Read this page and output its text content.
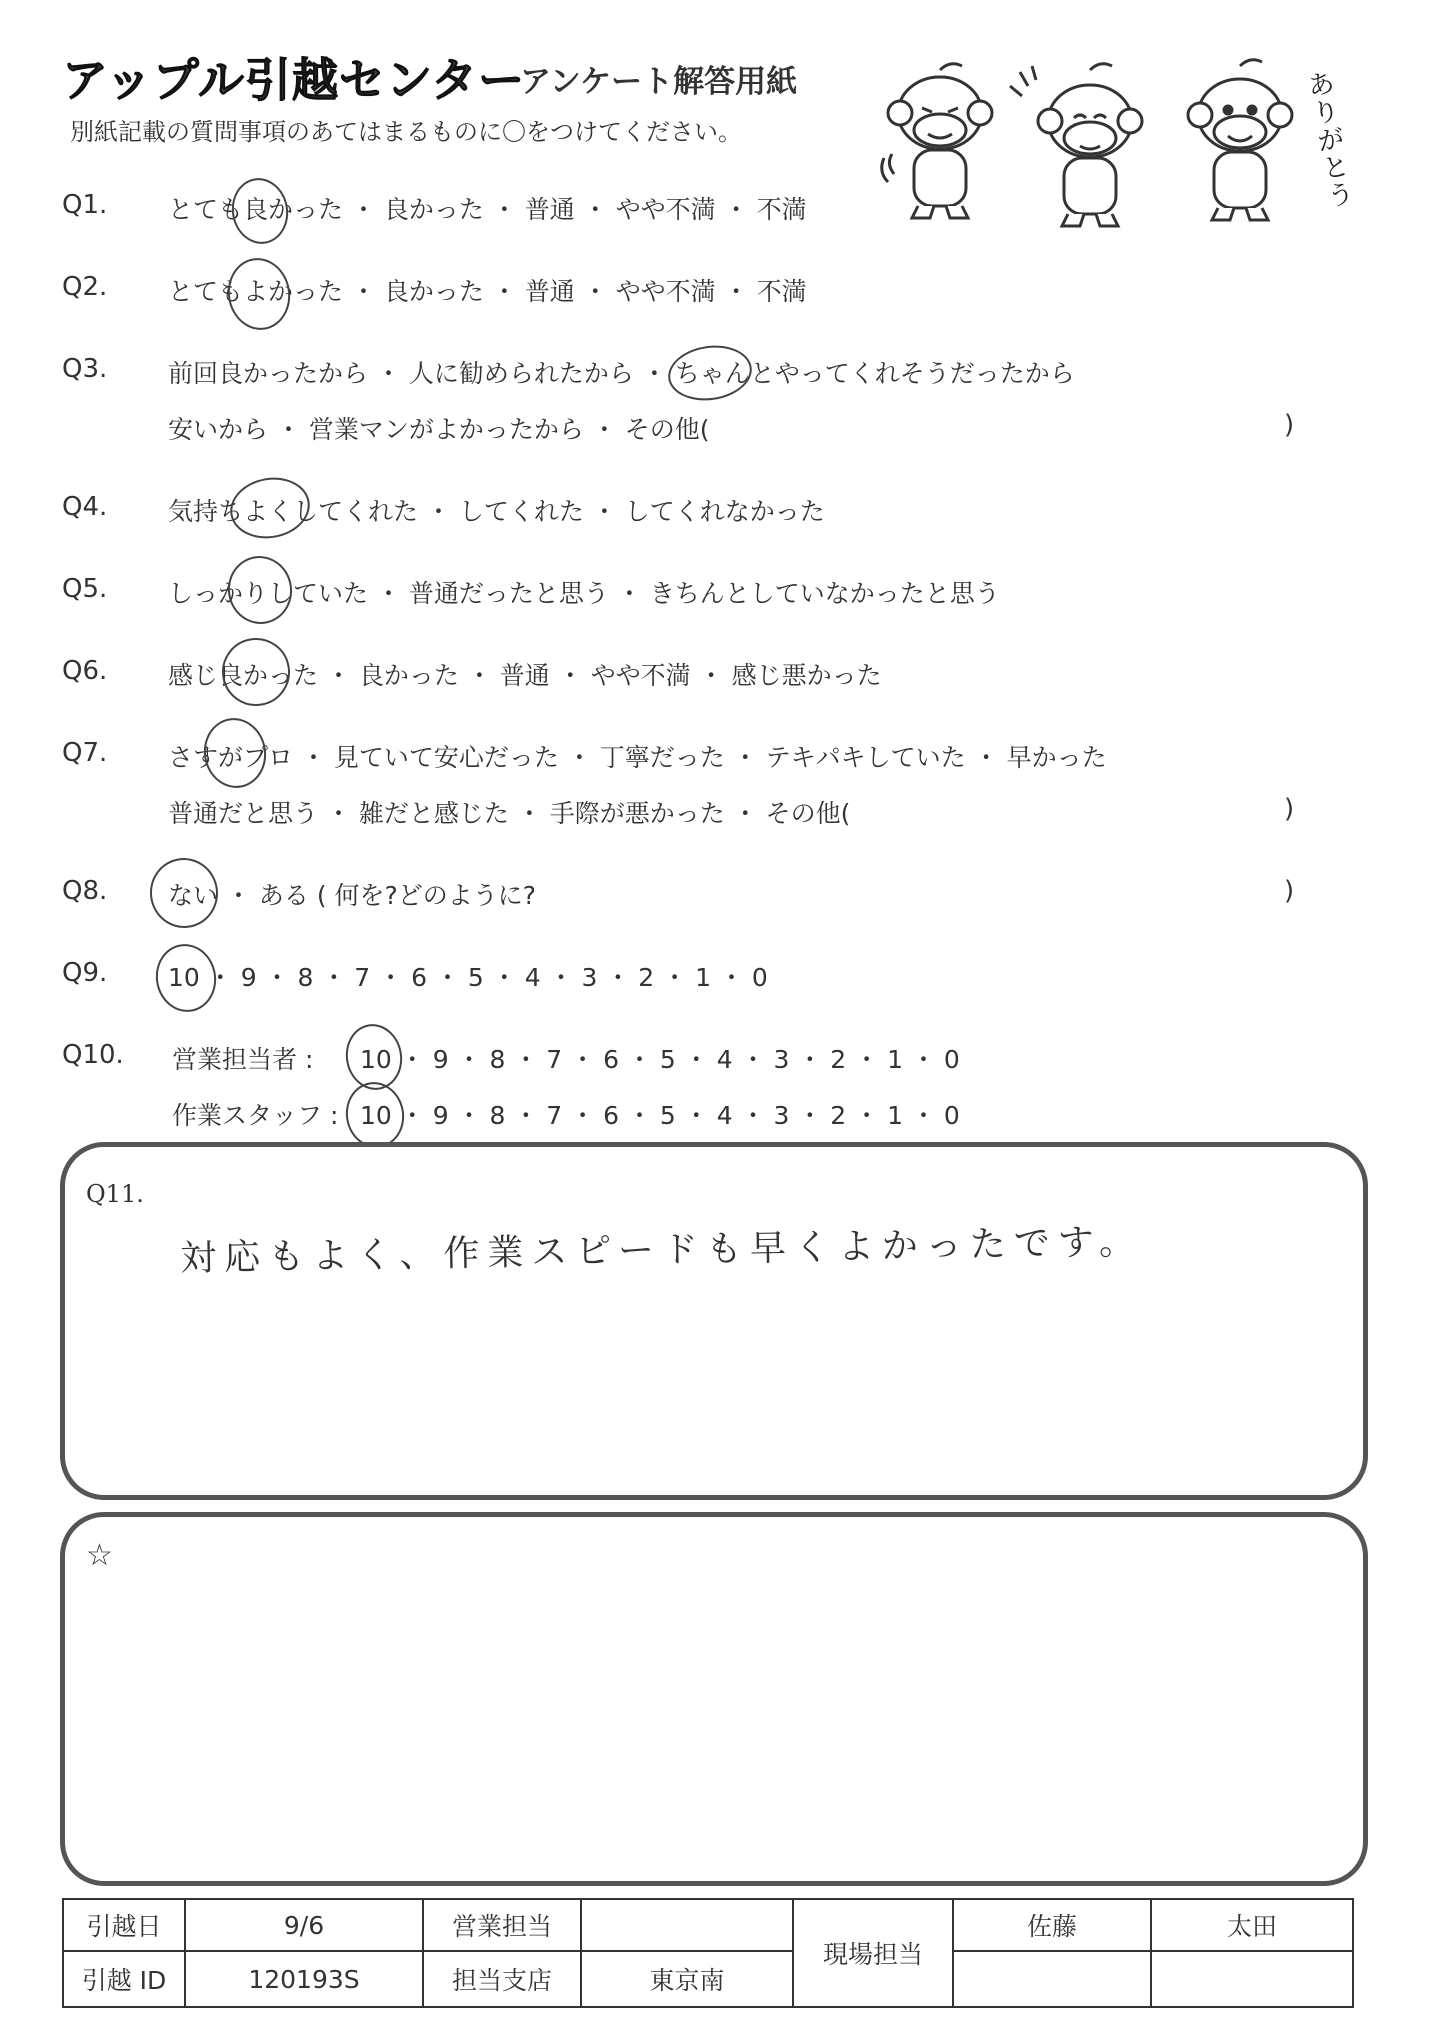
アップル引越センター
アンケート解答用紙
別紙記載の質問事項のあてはまるものに〇をつけてください。
ありがとう
Q1. とても良かった ・ 良かった ・ 普通 ・ やや不満 ・ 不満
Q2. とてもよかった ・ 良かった ・ 普通 ・ やや不満 ・ 不満
Q3. 前回良かったから ・ 人に勧められたから ・ ちゃんとやってくれそうだったから
安いから ・ 営業マンがよかったから ・ その他(	)
Q4. 気持ちよくしてくれた ・ してくれた ・ してくれなかった
Q5. しっかりしていた ・ 普通だったと思う ・ きちんとしていなかったと思う
Q6. 感じ良かった ・ 良かった ・ 普通 ・ やや不満 ・ 感じ悪かった
Q7. さすがプロ ・ 見ていて安心だった ・ 丁寧だった ・ テキパキしていた ・ 早かった
普通だと思う ・ 雑だと感じた ・ 手際が悪かった ・ その他(	)
Q8. ない ・ ある ( 何を?どのように?	)
Q9. 10 ・ 9 ・ 8 ・ 7 ・ 6 ・ 5 ・ 4 ・ 3 ・ 2 ・ 1 ・ 0
Q10. 営業担当者 : 10 ・ 9 ・ 8 ・ 7 ・ 6 ・ 5 ・ 4 ・ 3 ・ 2 ・ 1 ・ 0
作業スタッフ : 10 ・ 9 ・ 8 ・ 7 ・ 6 ・ 5 ・ 4 ・ 3 ・ 2 ・ 1 ・ 0
Q11.
対応もよく、作業スピードも早くよかったです。
☆
引越日	9/6	営業担当		現場担当	佐藤	太田
引越 ID	120193S	担当支店	東京南			
